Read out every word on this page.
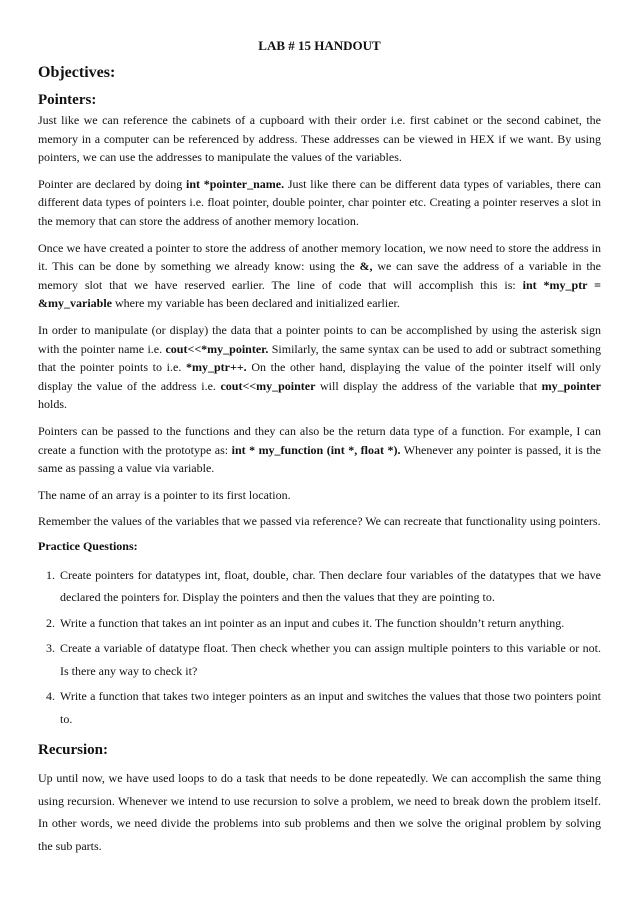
LAB # 15 HANDOUT
Objectives:
Pointers:

Just like we can reference the cabinets of a cupboard with their order i.e. first cabinet or the second cabinet, the memory in a computer can be referenced by address. These addresses can be viewed in HEX if we want. By using pointers, we can use the addresses to manipulate the values of the variables.

Pointer are declared by doing int *pointer_name. Just like there can be different data types of variables, there can different data types of pointers i.e. float pointer, double pointer, char pointer etc. Creating a pointer reserves a slot in the memory that can store the address of another memory location.

Once we have created a pointer to store the address of another memory location, we now need to store the address in it. This can be done by something we already know: using the &, we can save the address of a variable in the memory slot that we have reserved earlier. The line of code that will accomplish this is: int *my_ptr = &my_variable where my variable has been declared and initialized earlier.

In order to manipulate (or display) the data that a pointer points to can be accomplished by using the asterisk sign with the pointer name i.e. cout<<*my_pointer. Similarly, the same syntax can be used to add or subtract something that the pointer points to i.e. *my_ptr++. On the other hand, displaying the value of the pointer itself will only display the value of the address i.e. cout<<my_pointer will display the address of the variable that my_pointer holds.

Pointers can be passed to the functions and they can also be the return data type of a function. For example, I can create a function with the prototype as: int * my_function (int *, float *). Whenever any pointer is passed, it is the same as passing a value via variable.

The name of an array is a pointer to its first location.

Remember the values of the variables that we passed via reference? We can recreate that functionality using pointers.

Practice Questions:
1. Create pointers for datatypes int, float, double, char. Then declare four variables of the datatypes that we have declared the pointers for. Display the pointers and then the values that they are pointing to.
2. Write a function that takes an int pointer as an input and cubes it. The function shouldn’t return anything.
3. Create a variable of datatype float. Then check whether you can assign multiple pointers to this variable or not. Is there any way to check it?
4. Write a function that takes two integer pointers as an input and switches the values that those two pointers point to.
Recursion:

Up until now, we have used loops to do a task that needs to be done repeatedly. We can accomplish the same thing using recursion. Whenever we intend to use recursion to solve a problem, we need to break down the problem itself. In other words, we need divide the problems into sub problems and then we solve the original problem by solving the sub parts.
